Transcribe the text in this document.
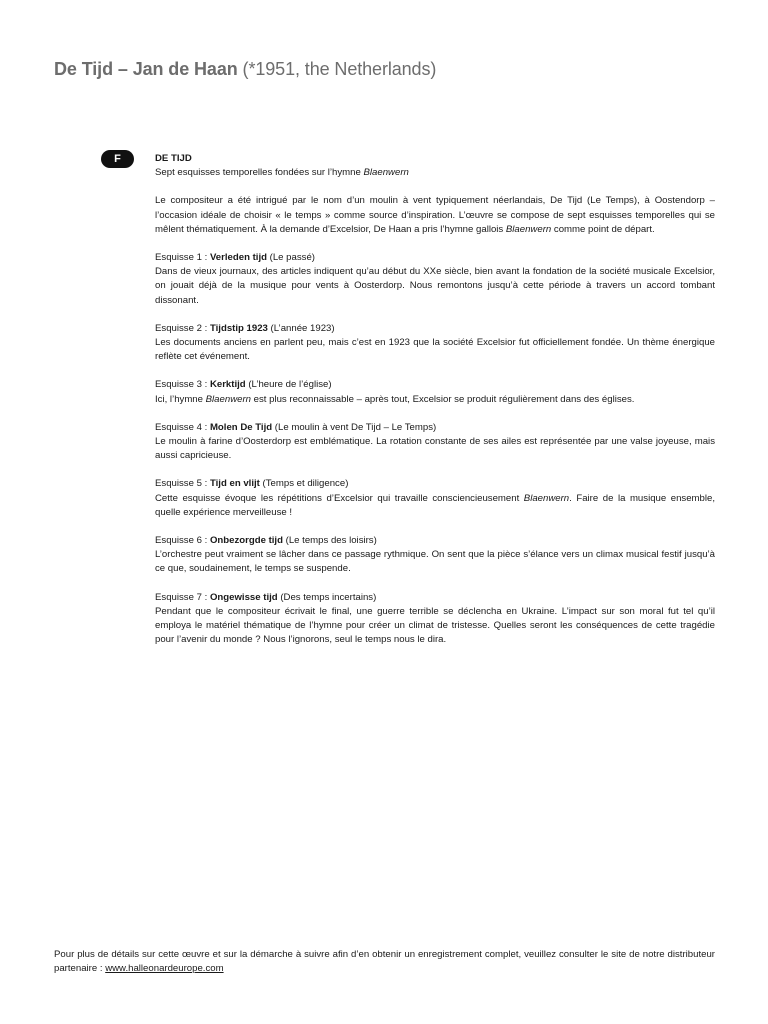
De Tijd – Jan de Haan (*1951, the Netherlands)
F	DE TIJD

Sept esquisses temporelles fondées sur l’hymne Blaenwern

Le compositeur a été intrigué par le nom d’un moulin à vent typiquement néerlandais, De Tijd (Le Temps), à Oostendorp – l’occasion idéale de choisir « le temps » comme source d’inspiration. L’œuvre se compose de sept esquisses temporelles qui se mêlent thématiquement. À la demande d’Excelsior, De Haan a pris l’hymne gallois Blaenwern comme point de départ.

Esquisse 1 : Verleden tijd (Le passé)

Dans de vieux journaux, des articles indiquent qu’au début du XXe siècle, bien avant la fondation de la société musicale Excelsior, on jouait déjà de la musique pour vents à Oosterdorp. Nous remontons jusqu’à cette période à travers un accord tombant dissonant.

Esquisse 2 : Tijdstip 1923 (L’année 1923)

Les documents anciens en parlent peu, mais c’est en 1923 que la société Excelsior fut officiellement fondée. Un thème énergique reflète cet événement.

Esquisse 3 : Kerktijd (L’heure de l’église)

Ici, l’hymne Blaenwern est plus reconnaissable – après tout, Excelsior se produit régulièrement dans des églises.

Esquisse 4 : Molen De Tijd (Le moulin à vent De Tijd – Le Temps)

Le moulin à farine d’Oosterdorp est emblématique. La rotation constante de ses ailes est représentée par une valse joyeuse, mais aussi capricieuse.

Esquisse 5 : Tijd en vlijt (Temps et diligence)

Cette esquisse évoque les répétitions d’Excelsior qui travaille consciencieusement Blaenwern. Faire de la musique ensemble, quelle expérience merveilleuse !

Esquisse 6 : Onbezorgde tijd (Le temps des loisirs)

L’orchestre peut vraiment se lâcher dans ce passage rythmique. On sent que la pièce s’élance vers un climax musical festif jusqu’à ce que, soudainement, le temps se suspende.

Esquisse 7 : Ongewisse tijd (Des temps incertains)

Pendant que le compositeur écrivait le final, une guerre terrible se déclencha en Ukraine. L’impact sur son moral fut tel qu’il employa le matériel thématique de l’hymne pour créer un climat de tristesse. Quelles seront les conséquences de cette tragédie pour l’avenir du monde ? Nous l’ignorons, seul le temps nous le dira.

Pour plus de détails sur cette œuvre et sur la démarche à suivre afin d’en obtenir un enregistrement complet, veuillez consulter le site de notre distributeur partenaire : www.halleonardeurope.com
